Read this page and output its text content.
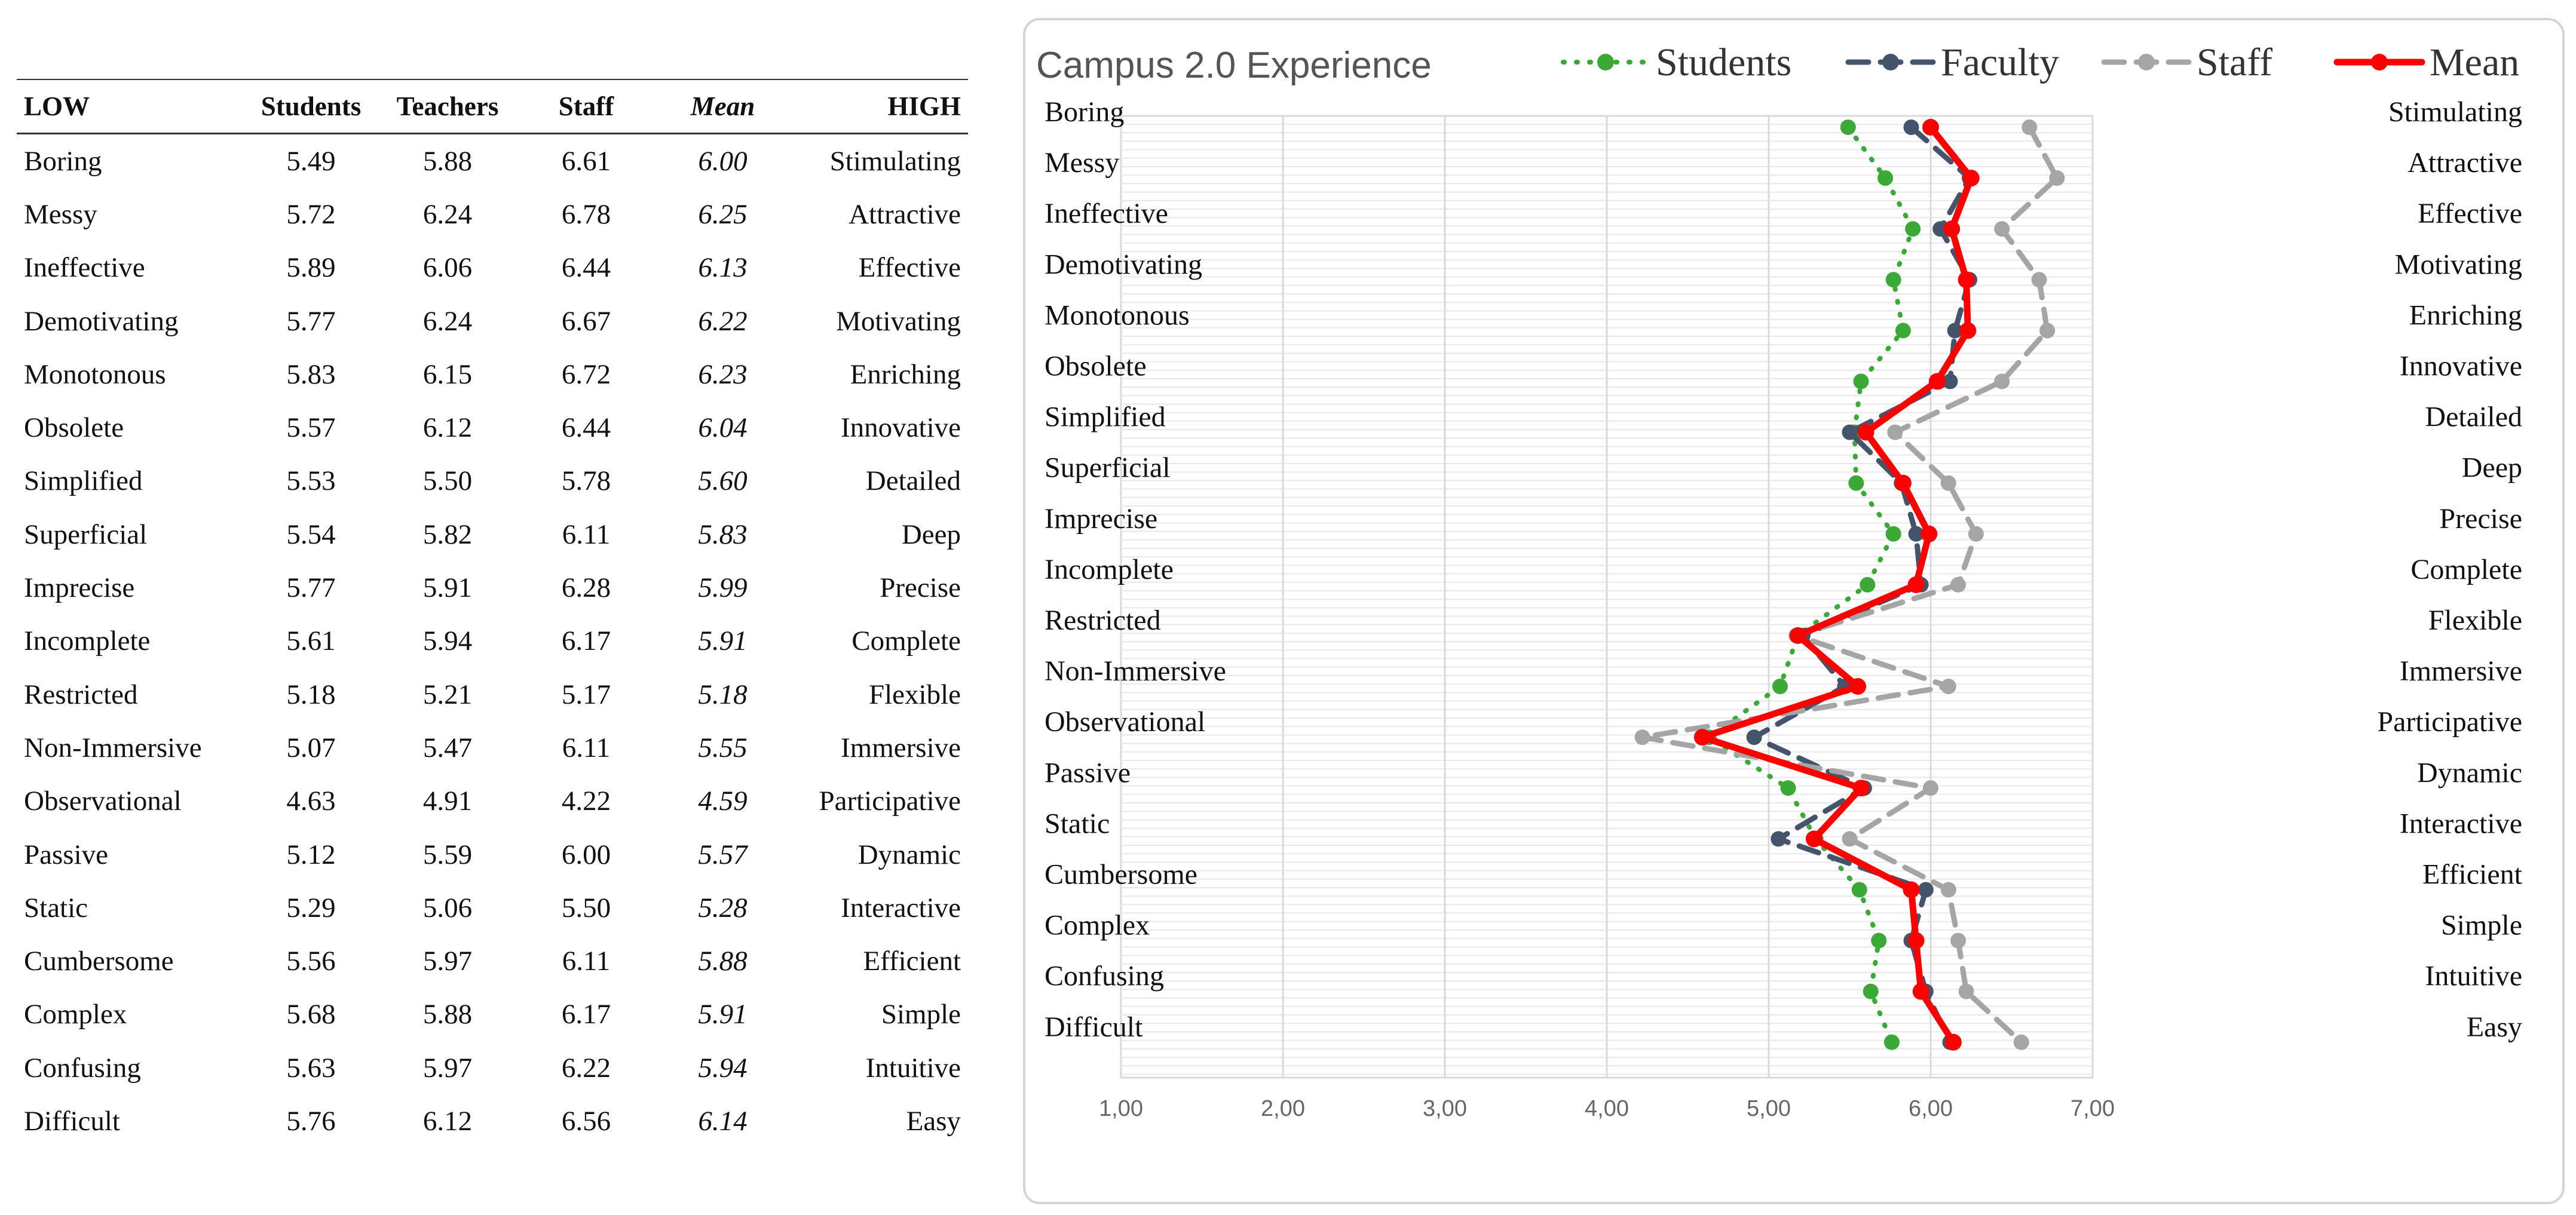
LOW	Students	Teachers	Staff	Mean	HIGH
Boring	5.49	5.88	6.61	6.00	Stimulating
Messy	5.72	6.24	6.78	6.25	Attractive
Ineffective	5.89	6.06	6.44	6.13	Effective
Demotivating	5.77	6.24	6.67	6.22	Motivating
Monotonous	5.83	6.15	6.72	6.23	Enriching
Obsolete	5.57	6.12	6.44	6.04	Innovative
Simplified	5.53	5.50	5.78	5.60	Detailed
Superficial	5.54	5.82	6.11	5.83	Deep
Imprecise	5.77	5.91	6.28	5.99	Precise
Incomplete	5.61	5.94	6.17	5.91	Complete
Restricted	5.18	5.21	5.17	5.18	Flexible
Non-Immersive	5.07	5.47	6.11	5.55	Immersive
Observational	4.63	4.91	4.22	4.59	Participative
Passive	5.12	5.59	6.00	5.57	Dynamic
Static	5.29	5.06	5.50	5.28	Interactive
Cumbersome	5.56	5.97	6.11	5.88	Efficient
Complex	5.68	5.88	6.17	5.91	Simple
Confusing	5.63	5.97	6.22	5.94	Intuitive
Difficult	5.76	6.12	6.56	6.14	Easy
Campus 2.0 Experience	Students	Faculty	Staff	Mean
1,00	2,00	3,00	4,00	5,00	6,00	7,00
Boring
Messy
Ineffective
Demotivating
Monotonous
Obsolete
Simplified
Superficial
Imprecise
Incomplete
Restricted
Non-Immersive
Observational
Passive
Static
Cumbersome
Complex
Confusing
Difficult
Stimulating
Attractive
Effective
Motivating
Enriching
Innovative
Detailed
Deep
Precise
Complete
Flexible
Immersive
Participative
Dynamic
Interactive
Efficient
Simple
Intuitive
Easy
